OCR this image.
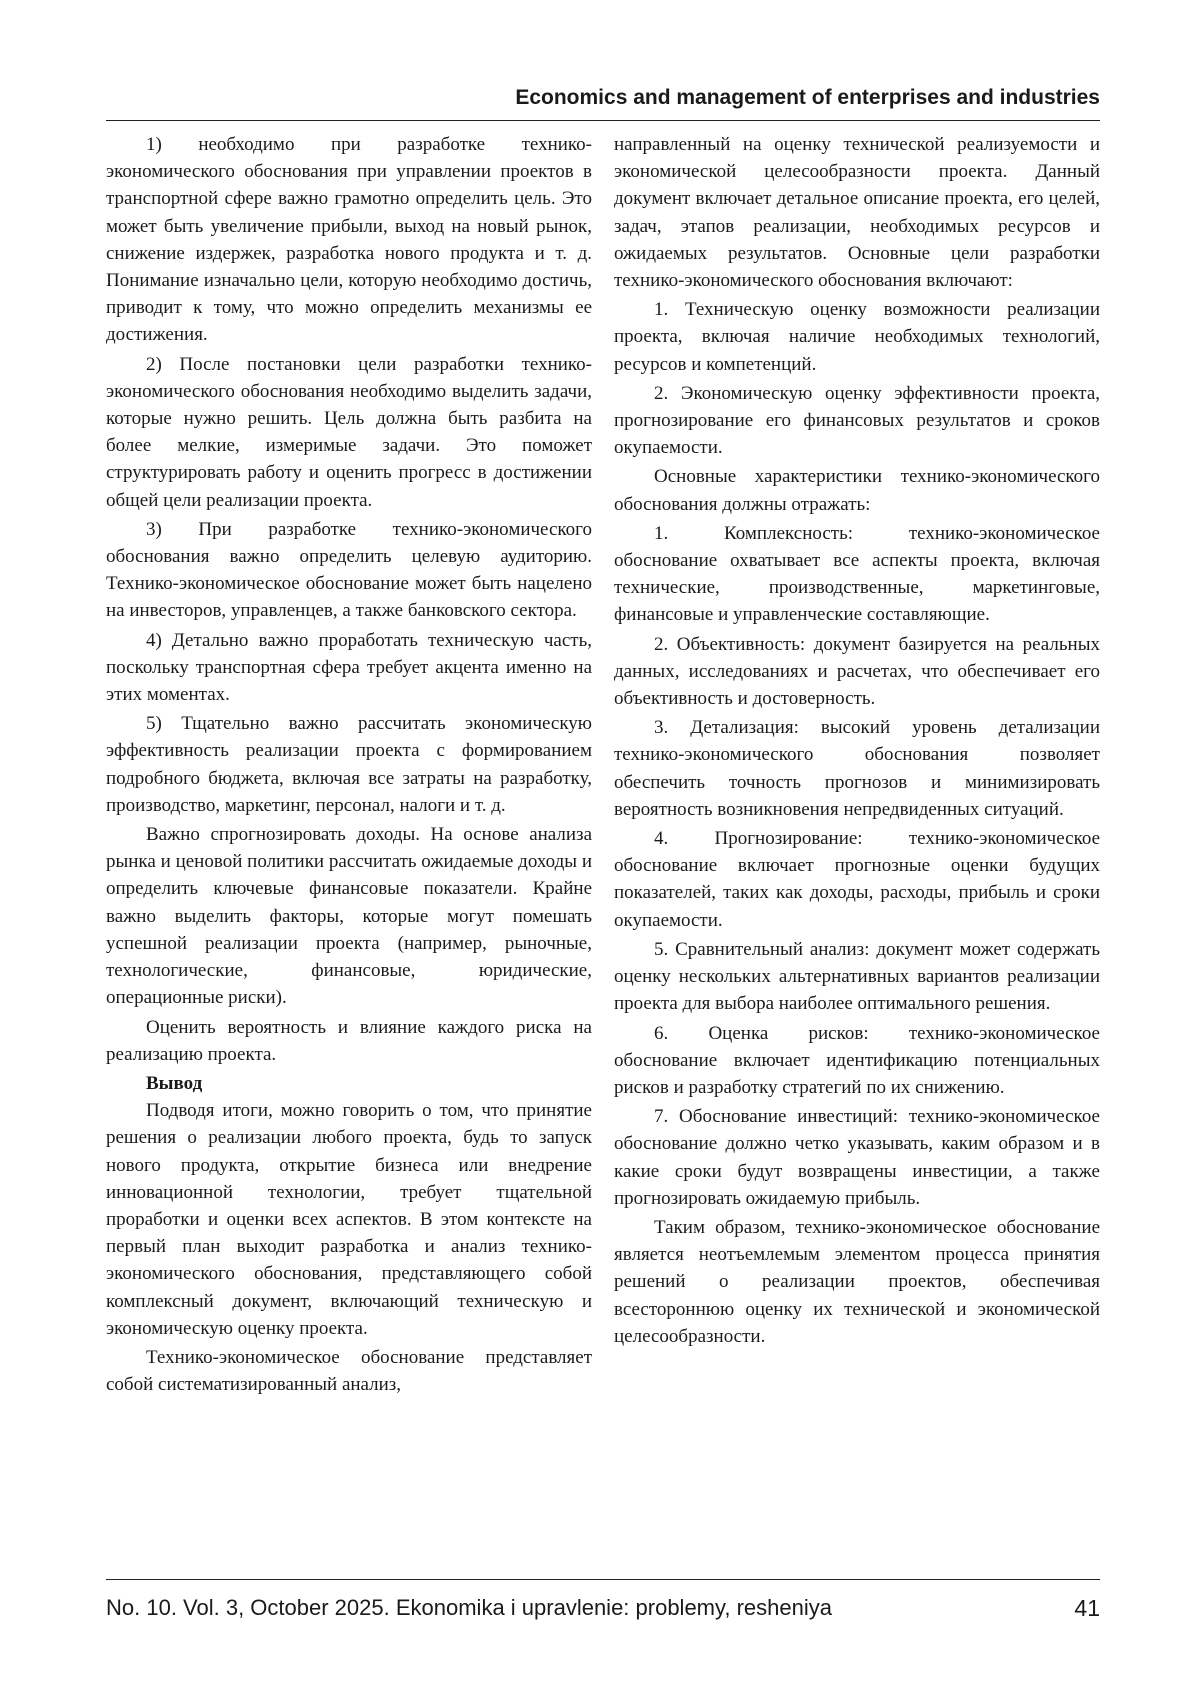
Economics and management of enterprises and industries

1) необходимо при разработке технико-экономического обоснования при управлении проектов в транспортной сфере важно грамотно определить цель. Это может быть увеличение прибыли, выход на новый рынок, снижение издержек, разработка нового продукта и т. д. Понимание изначально цели, которую необходимо достичь, приводит к тому, что можно определить механизмы ее достижения.

2) После постановки цели разработки технико-экономического обоснования необходимо выделить задачи, которые нужно решить. Цель должна быть разбита на более мелкие, измеримые задачи. Это поможет структурировать работу и оценить прогресс в достижении общей цели реализации проекта.

3) При разработке технико-экономического обоснования важно определить целевую аудиторию. Технико-экономическое обоснование может быть нацелено на инвесторов, управленцев, а также банковского сектора.

4) Детально важно проработать техническую часть, поскольку транспортная сфера требует акцента именно на этих моментах.

5) Тщательно важно рассчитать экономическую эффективность реализации проекта с формированием подробного бюджета, включая все затраты на разработку, производство, маркетинг, персонал, налоги и т. д.

Важно спрогнозировать доходы. На основе анализа рынка и ценовой политики рассчитать ожидаемые доходы и определить ключевые финансовые показатели. Крайне важно выделить факторы, которые могут помешать успешной реализации проекта (например, рыночные, технологические, финансовые, юридические, операционные риски).

Оценить вероятность и влияние каждого риска на реализацию проекта.

Вывод

Подводя итоги, можно говорить о том, что принятие решения о реализации любого проекта, будь то запуск нового продукта, открытие бизнеса или внедрение инновационной технологии, требует тщательной проработки и оценки всех аспектов. В этом контексте на первый план выходит разработка и анализ технико-экономического обоснования, представляющего собой комплексный документ, включающий техническую и экономическую оценку проекта.

Технико-экономическое обоснование представляет собой систематизированный анализ,

направленный на оценку технической реализуемости и экономической целесообразности проекта. Данный документ включает детальное описание проекта, его целей, задач, этапов реализации, необходимых ресурсов и ожидаемых результатов. Основные цели разработки технико-экономического обоснования включают:

1. Техническую оценку возможности реализации проекта, включая наличие необходимых технологий, ресурсов и компетенций.

2. Экономическую оценку эффективности проекта, прогнозирование его финансовых результатов и сроков окупаемости.

Основные характеристики технико-экономического обоснования должны отражать:

1. Комплексность: технико-экономическое обоснование охватывает все аспекты проекта, включая технические, производственные, маркетинговые, финансовые и управленческие составляющие.

2. Объективность: документ базируется на реальных данных, исследованиях и расчетах, что обеспечивает его объективность и достоверность.

3. Детализация: высокий уровень детализации технико-экономического обоснования позволяет обеспечить точность прогнозов и минимизировать вероятность возникновения непредвиденных ситуаций.

4. Прогнозирование: технико-экономическое обоснование включает прогнозные оценки будущих показателей, таких как доходы, расходы, прибыль и сроки окупаемости.

5. Сравнительный анализ: документ может содержать оценку нескольких альтернативных вариантов реализации проекта для выбора наиболее оптимального решения.

6. Оценка рисков: технико-экономическое обоснование включает идентификацию потенциальных рисков и разработку стратегий по их снижению.

7. Обоснование инвестиций: технико-экономическое обоснование должно четко указывать, каким образом и в какие сроки будут возвращены инвестиции, а также прогнозировать ожидаемую прибыль.

Таким образом, технико-экономическое обоснование является неотъемлемым элементом процесса принятия решений о реализации проектов, обеспечивая всестороннюю оценку их технической и экономической целесообразности.

No. 10. Vol. 3, October 2025. Ekonomika i upravlenie: problemy, resheniya	41
